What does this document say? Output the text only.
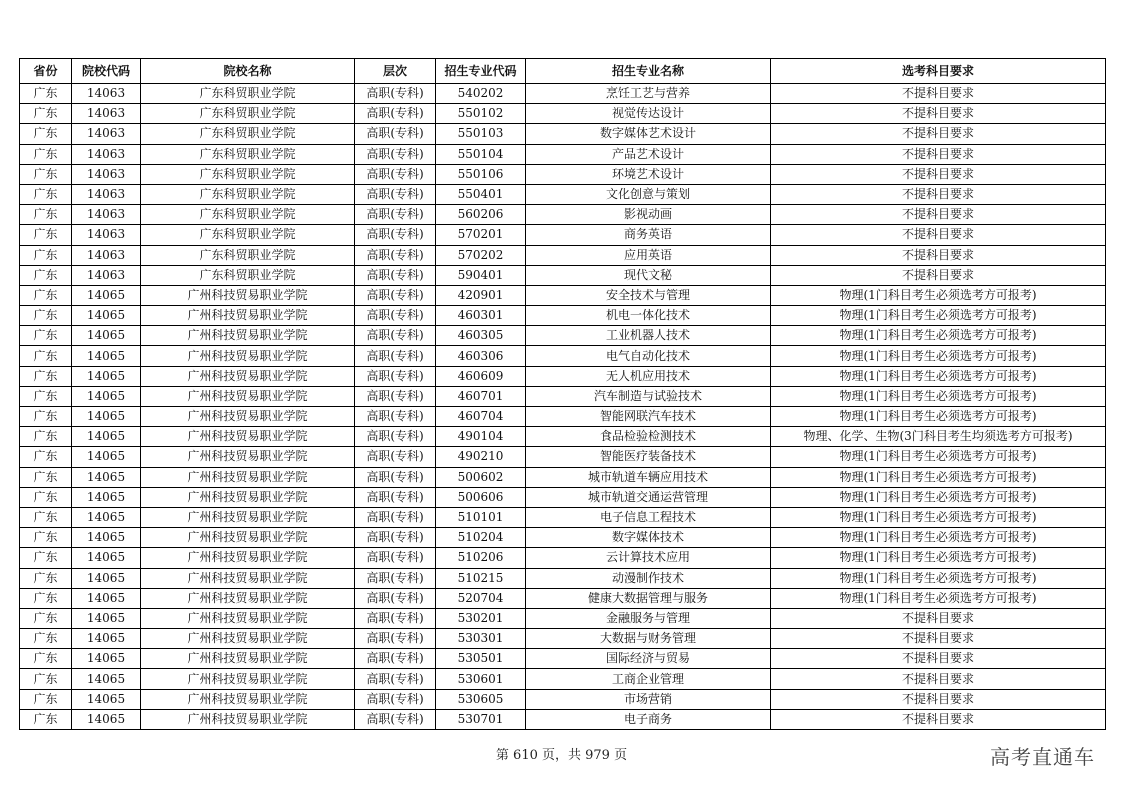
省份	院校代码	院校名称	层次	招生专业代码	招生专业名称	选考科目要求
广东	14063	广东科贸职业学院	高职(专科)	540202	烹饪工艺与营养	不提科目要求
广东	14063	广东科贸职业学院	高职(专科)	550102	视觉传达设计	不提科目要求
广东	14063	广东科贸职业学院	高职(专科)	550103	数字媒体艺术设计	不提科目要求
广东	14063	广东科贸职业学院	高职(专科)	550104	产品艺术设计	不提科目要求
广东	14063	广东科贸职业学院	高职(专科)	550106	环境艺术设计	不提科目要求
广东	14063	广东科贸职业学院	高职(专科)	550401	文化创意与策划	不提科目要求
广东	14063	广东科贸职业学院	高职(专科)	560206	影视动画	不提科目要求
广东	14063	广东科贸职业学院	高职(专科)	570201	商务英语	不提科目要求
广东	14063	广东科贸职业学院	高职(专科)	570202	应用英语	不提科目要求
广东	14063	广东科贸职业学院	高职(专科)	590401	现代文秘	不提科目要求
广东	14065	广州科技贸易职业学院	高职(专科)	420901	安全技术与管理	物理(1门科目考生必须选考方可报考)
广东	14065	广州科技贸易职业学院	高职(专科)	460301	机电一体化技术	物理(1门科目考生必须选考方可报考)
广东	14065	广州科技贸易职业学院	高职(专科)	460305	工业机器人技术	物理(1门科目考生必须选考方可报考)
广东	14065	广州科技贸易职业学院	高职(专科)	460306	电气自动化技术	物理(1门科目考生必须选考方可报考)
广东	14065	广州科技贸易职业学院	高职(专科)	460609	无人机应用技术	物理(1门科目考生必须选考方可报考)
广东	14065	广州科技贸易职业学院	高职(专科)	460701	汽车制造与试验技术	物理(1门科目考生必须选考方可报考)
广东	14065	广州科技贸易职业学院	高职(专科)	460704	智能网联汽车技术	物理(1门科目考生必须选考方可报考)
广东	14065	广州科技贸易职业学院	高职(专科)	490104	食品检验检测技术	物理、化学、生物(3门科目考生均须选考方可报考)
广东	14065	广州科技贸易职业学院	高职(专科)	490210	智能医疗装备技术	物理(1门科目考生必须选考方可报考)
广东	14065	广州科技贸易职业学院	高职(专科)	500602	城市轨道车辆应用技术	物理(1门科目考生必须选考方可报考)
广东	14065	广州科技贸易职业学院	高职(专科)	500606	城市轨道交通运营管理	物理(1门科目考生必须选考方可报考)
广东	14065	广州科技贸易职业学院	高职(专科)	510101	电子信息工程技术	物理(1门科目考生必须选考方可报考)
广东	14065	广州科技贸易职业学院	高职(专科)	510204	数字媒体技术	物理(1门科目考生必须选考方可报考)
广东	14065	广州科技贸易职业学院	高职(专科)	510206	云计算技术应用	物理(1门科目考生必须选考方可报考)
广东	14065	广州科技贸易职业学院	高职(专科)	510215	动漫制作技术	物理(1门科目考生必须选考方可报考)
广东	14065	广州科技贸易职业学院	高职(专科)	520704	健康大数据管理与服务	物理(1门科目考生必须选考方可报考)
广东	14065	广州科技贸易职业学院	高职(专科)	530201	金融服务与管理	不提科目要求
广东	14065	广州科技贸易职业学院	高职(专科)	530301	大数据与财务管理	不提科目要求
广东	14065	广州科技贸易职业学院	高职(专科)	530501	国际经济与贸易	不提科目要求
广东	14065	广州科技贸易职业学院	高职(专科)	530601	工商企业管理	不提科目要求
广东	14065	广州科技贸易职业学院	高职(专科)	530605	市场营销	不提科目要求
广东	14065	广州科技贸易职业学院	高职(专科)	530701	电子商务	不提科目要求
第 610 页，共 979 页	高考直通车
